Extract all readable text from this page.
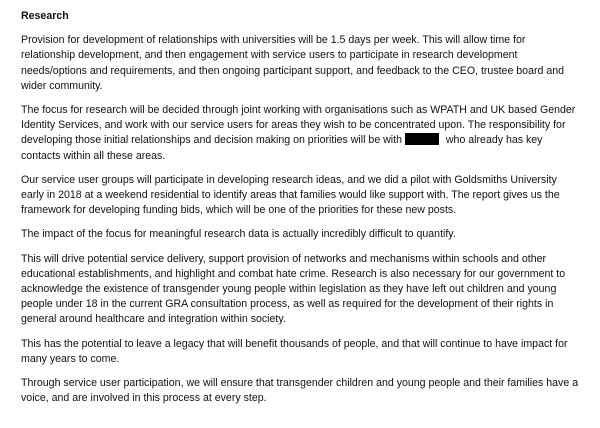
Research

Provision for development of relationships with universities will be 1.5 days per week. This will allow time for relationship development, and then engagement with service users to participate in research development needs/options and requirements, and then ongoing participant support, and feedback to the CEO, trustee board and wider community.

The focus for research will be decided through joint working with organisations such as WPATH and UK based Gender Identity Services, and work with our service users for areas they wish to be concentrated upon. The responsibility for developing those initial relationships and decision making on priorities will be with	who already has key contacts within all these areas.

Our service user groups will participate in developing research ideas, and we did a pilot with Goldsmiths University early in 2018 at a weekend residential to identify areas that families would like support with. The report gives us the framework for developing funding bids, which will be one of the priorities for these new posts.

The impact of the focus for meaningful research data is actually incredibly difficult to quantify.

This will drive potential service delivery, support provision of networks and mechanisms within schools and other educational establishments, and highlight and combat hate crime. Research is also necessary for our government to acknowledge the existence of transgender young people within legislation as they have left out children and young people under 18 in the current GRA consultation process, as well as required for the development of their rights in general around healthcare and integration within society.

This has the potential to leave a legacy that will benefit thousands of people, and that will continue to have impact for many years to come.

Through service user participation, we will ensure that transgender children and young people and their families have a voice, and are involved in this process at every step.
